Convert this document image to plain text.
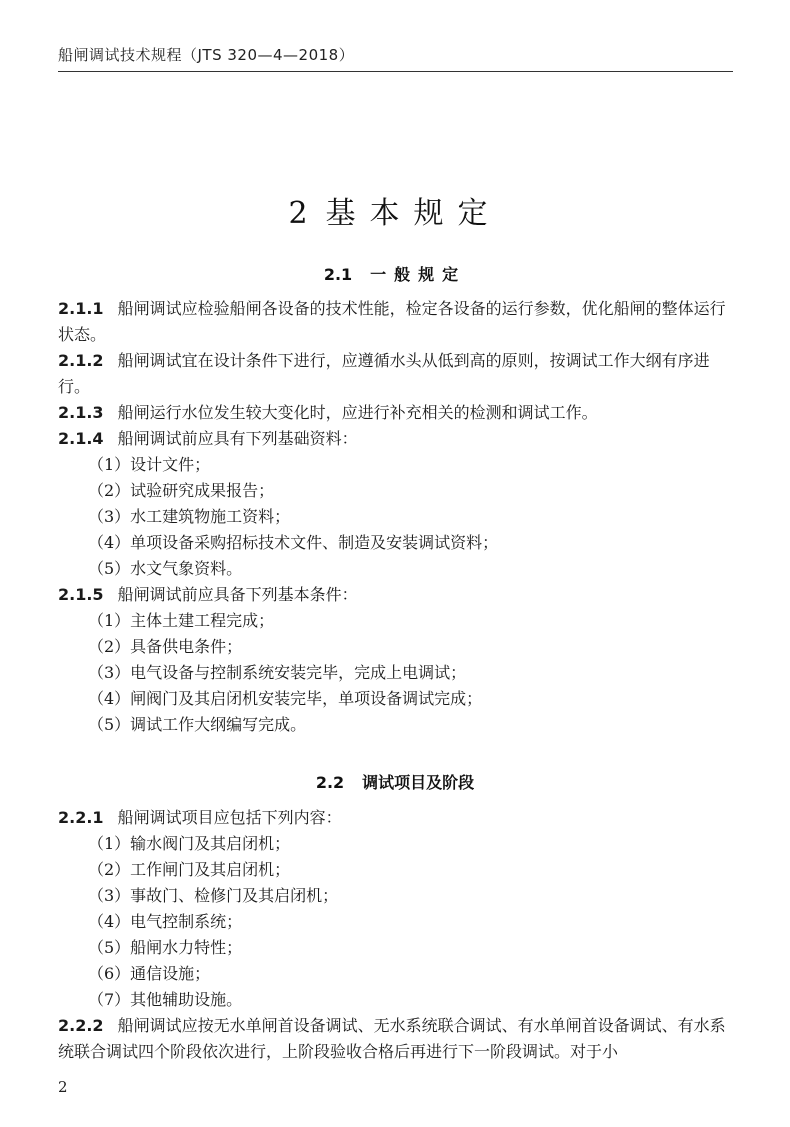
船闸调试技术规程（JTS 320—4—2018）
2 基本规定
2.1 一般规定

2.1.1 船闸调试应检验船闸各设备的技术性能，检定各设备的运行参数，优化船闸的整体运行状态。

2.1.2 船闸调试宜在设计条件下进行，应遵循水头从低到高的原则，按调试工作大纲有序进行。

2.1.3 船闸运行水位发生较大变化时，应进行补充相关的检测和调试工作。

2.1.4 船闸调试前应具有下列基础资料：

（1）设计文件；

（2）试验研究成果报告；

（3）水工建筑物施工资料；

（4）单项设备采购招标技术文件、制造及安装调试资料；

（5）水文气象资料。

2.1.5 船闸调试前应具备下列基本条件：

（1）主体土建工程完成；

（2）具备供电条件；

（3）电气设备与控制系统安装完毕，完成上电调试；

（4）闸阀门及其启闭机安装完毕，单项设备调试完成；

（5）调试工作大纲编写完成。

2.2 调试项目及阶段

2.2.1 船闸调试项目应包括下列内容：

（1）输水阀门及其启闭机；

（2）工作闸门及其启闭机；

（3）事故门、检修门及其启闭机；

（4）电气控制系统；

（5）船闸水力特性；

（6）通信设施；

（7）其他辅助设施。

2.2.2 船闸调试应按无水单闸首设备调试、无水系统联合调试、有水单闸首设备调试、有水系统联合调试四个阶段依次进行，上阶段验收合格后再进行下一阶段调试。对于小

2
